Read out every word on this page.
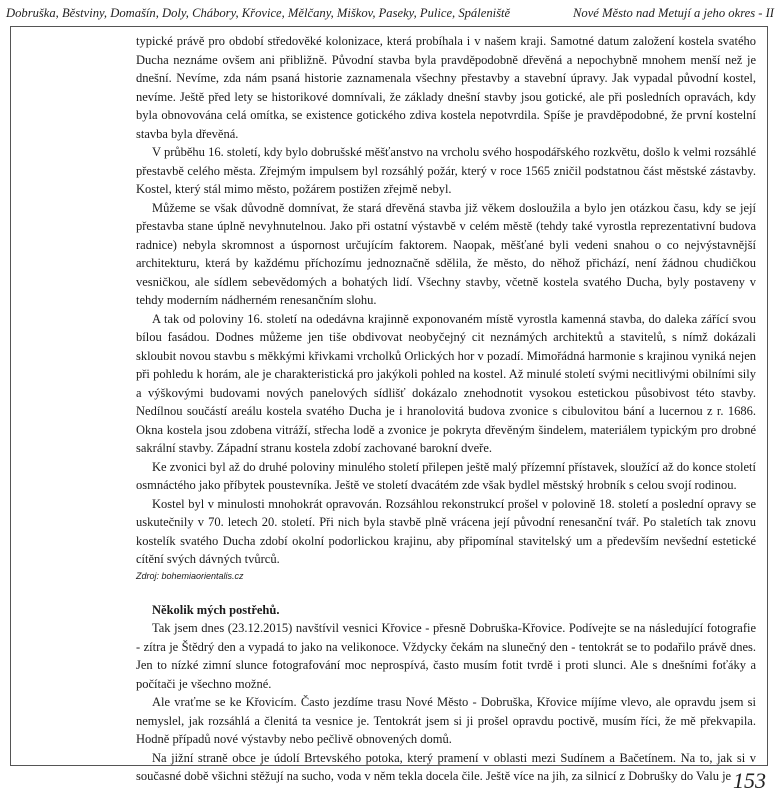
Dobruška, Běstviny, Domašín, Doly, Chábory, Křovice, Mělčany, Miškov, Paseky, Pulice, Spáleniště	Nové Město nad Metují a jeho okres - II

typické právě pro období středověké kolonizace, která probíhala i v našem kraji. Samotné datum založení kostela svatého Ducha neznáme ovšem ani přibližně. Původní stavba byla pravděpodobně dřevěná a nepochybně mnohem menší než je dnešní. Nevíme, zda nám psaná historie zaznamenala všechny přestavby a stavební úpravy. Jak vypadal původní kostel, nevíme. Ještě před lety se historikové domnívali, že základy dnešní stavby jsou gotické, ale při posledních opravách, kdy byla obnovována celá omítka, se existence gotického zdiva kostela nepotvrdila. Spíše je pravděpodobné, že první kostelní stavba byla dřevěná.

V průběhu 16. století, kdy bylo dobrušské měšťanstvo na vrcholu svého hospodářského rozkvětu, došlo k velmi rozsáhlé přestavbě celého města. Zřejmým impulsem byl rozsáhlý požár, který v roce 1565 zničil podstatnou část městské zástavby. Kostel, který stál mimo město, požárem postižen zřejmě nebyl.

Můžeme se však důvodně domnívat, že stará dřevěná stavba již věkem dosloužila a bylo jen otázkou času, kdy se její přestavba stane úplně nevyhnutelnou. Jako při ostatní výstavbě v celém městě (tehdy také vyrostla reprezentativní budova radnice) nebyla skromnost a úspornost určujícím faktorem. Naopak, měšťané byli vedeni snahou o co nejvýstavnější architekturu, která by každému příchozímu jednoznačně sdělila, že město, do něhož přichází, není žádnou chudičkou vesničkou, ale sídlem sebevědomých a bohatých lidí. Všechny stavby, včetně kostela svatého Ducha, byly postaveny v tehdy moderním nádherném renesančním slohu.

A tak od poloviny 16. století na odedávna krajinně exponovaném místě vyrostla kamenná stavba, do daleka zářící svou bílou fasádou. Dodnes můžeme jen tiše obdivovat neobyčejný cit neznámých architektů a stavitelů, s nímž dokázali skloubit novou stavbu s měkkými křivkami vrcholků Orlických hor v pozadí. Mimořádná harmonie s krajinou vyniká nejen při pohledu k horám, ale je charakteristická pro jakýkoli pohled na kostel. Až minulé století svými necitlivými obilními sily a výškovými budovami nových panelových sídlišť dokázalo znehodnotit vysokou estetickou působivost této stavby. Nedílnou součástí areálu kostela svatého Ducha je i hranolovitá budova zvonice s cibulovitou bání a lucernou z r. 1686. Okna kostela jsou zdobena vitráží, střecha lodě a zvonice je pokryta dřevěným šindelem, materiálem typickým pro drobné sakrální stavby. Západní stranu kostela zdobí zachované barokní dveře.

Ke zvonici byl až do druhé poloviny minulého století přilepen ještě malý přízemní přístavek, sloužící až do konce století osmnáctého jako příbytek poustevníka. Ještě ve století dvacátém zde však bydlel městský hrobník s celou svojí rodinou.

Kostel byl v minulosti mnohokrát opravován. Rozsáhlou rekonstrukcí prošel v polovině 18. století a poslední opravy se uskutečnily v 70. letech 20. století. Při nich byla stavbě plně vrácena její původní renesanční tvář. Po staletích tak znovu kostelík svatého Ducha zdobí okolní podorlickou krajinu, aby připomínal stavitelský um a především nevšední estetické cítění svých dávných tvůrců.

Zdroj: bohemiaorientalis.cz

Několik mých postřehů.

Tak jsem dnes (23.12.2015) navštívil vesnici Křovice - přesně Dobruška-Křovice. Podívejte se na následující fotografie - zítra je Štědrý den a vypadá to jako na velikonoce. Vždycky čekám na slunečný den - tentokrát se to podařilo právě dnes. Jen to nízké zimní slunce fotografování moc neprospívá, často musím fotit tvrdě i proti slunci. Ale s dnešními foťáky a počítači je všechno možné.

Ale vraťme se ke Křovicím. Často jezdíme trasu Nové Město - Dobruška, Křovice míjíme vlevo, ale opravdu jsem si nemyslel, jak rozsáhlá a členitá ta vesnice je. Tentokrát jsem si ji prošel opravdu poctivě, musím říci, že mě překvapila. Hodně případů nové výstavby nebo pečlivě obnovených domů.

Na jižní straně obce je údolí Brtevského potoka, který pramení v oblasti mezi Sudínem a Bačetínem. Na to, jak si v současné době všichni stěžují na sucho, voda v něm tekla docela čile. Ještě více na jih, za silnicí z Dobrušky do Valu je 153
